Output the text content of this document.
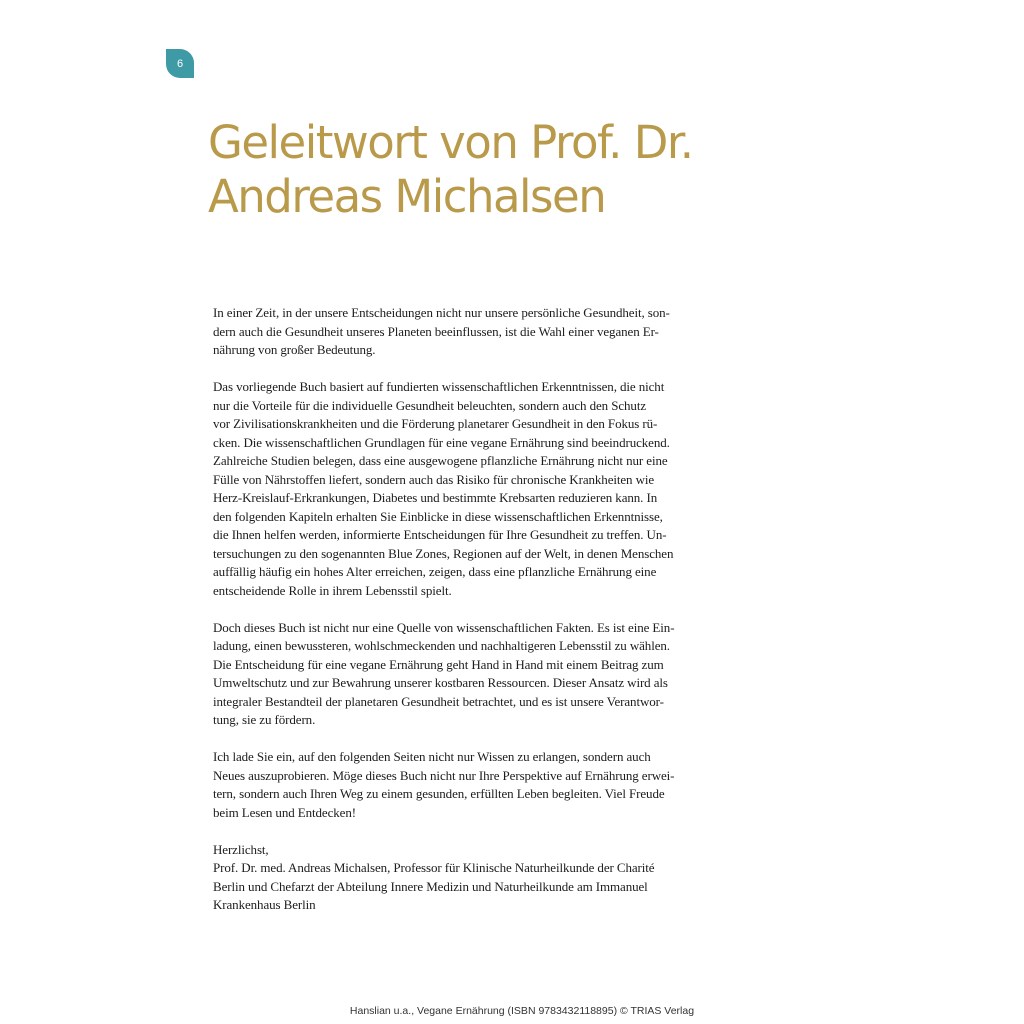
6
Geleitwort von Prof. Dr.
Andreas Michalsen

In einer Zeit, in der unsere Entscheidungen nicht nur unsere persönliche Gesundheit, son-
dern auch die Gesundheit unseres Planeten beeinflussen, ist die Wahl einer veganen Er-
nährung von großer Bedeutung.

Das vorliegende Buch basiert auf fundierten wissenschaftlichen Erkenntnissen, die nicht
nur die Vorteile für die individuelle Gesundheit beleuchten, sondern auch den Schutz
vor Zivilisationskrankheiten und die Förderung planetarer Gesundheit in den Fokus rü-
cken. Die wissenschaftlichen Grundlagen für eine vegane Ernährung sind beeindruckend.
Zahlreiche Studien belegen, dass eine ausgewogene pflanzliche Ernährung nicht nur eine
Fülle von Nährstoffen liefert, sondern auch das Risiko für chronische Krankheiten wie
Herz-Kreislauf-Erkrankungen, Diabetes und bestimmte Krebsarten reduzieren kann. In
den folgenden Kapiteln erhalten Sie Einblicke in diese wissenschaftlichen Erkenntnisse,
die Ihnen helfen werden, informierte Entscheidungen für Ihre Gesundheit zu treffen. Un-
tersuchungen zu den sogenannten Blue Zones, Regionen auf der Welt, in denen Menschen
auffällig häufig ein hohes Alter erreichen, zeigen, dass eine pflanzliche Ernährung eine
entscheidende Rolle in ihrem Lebensstil spielt.

Doch dieses Buch ist nicht nur eine Quelle von wissenschaftlichen Fakten. Es ist eine Ein-
ladung, einen bewussteren, wohlschmeckenden und nachhaltigeren Lebensstil zu wählen.
Die Entscheidung für eine vegane Ernährung geht Hand in Hand mit einem Beitrag zum
Umweltschutz und zur Bewahrung unserer kostbaren Ressourcen. Dieser Ansatz wird als
integraler Bestandteil der planetaren Gesundheit betrachtet, und es ist unsere Verantwor-
tung, sie zu fördern.

Ich lade Sie ein, auf den folgenden Seiten nicht nur Wissen zu erlangen, sondern auch
Neues auszuprobieren. Möge dieses Buch nicht nur Ihre Perspektive auf Ernährung erwei-
tern, sondern auch Ihren Weg zu einem gesunden, erfüllten Leben begleiten. Viel Freude
beim Lesen und Entdecken!

Herzlichst,
Prof. Dr. med. Andreas Michalsen, Professor für Klinische Naturheilkunde der Charité
Berlin und Chefarzt der Abteilung Innere Medizin und Naturheilkunde am Immanuel
Krankenhaus Berlin

Hanslian u.a., Vegane Ernährung (ISBN 9783432118895) © TRIAS Verlag
